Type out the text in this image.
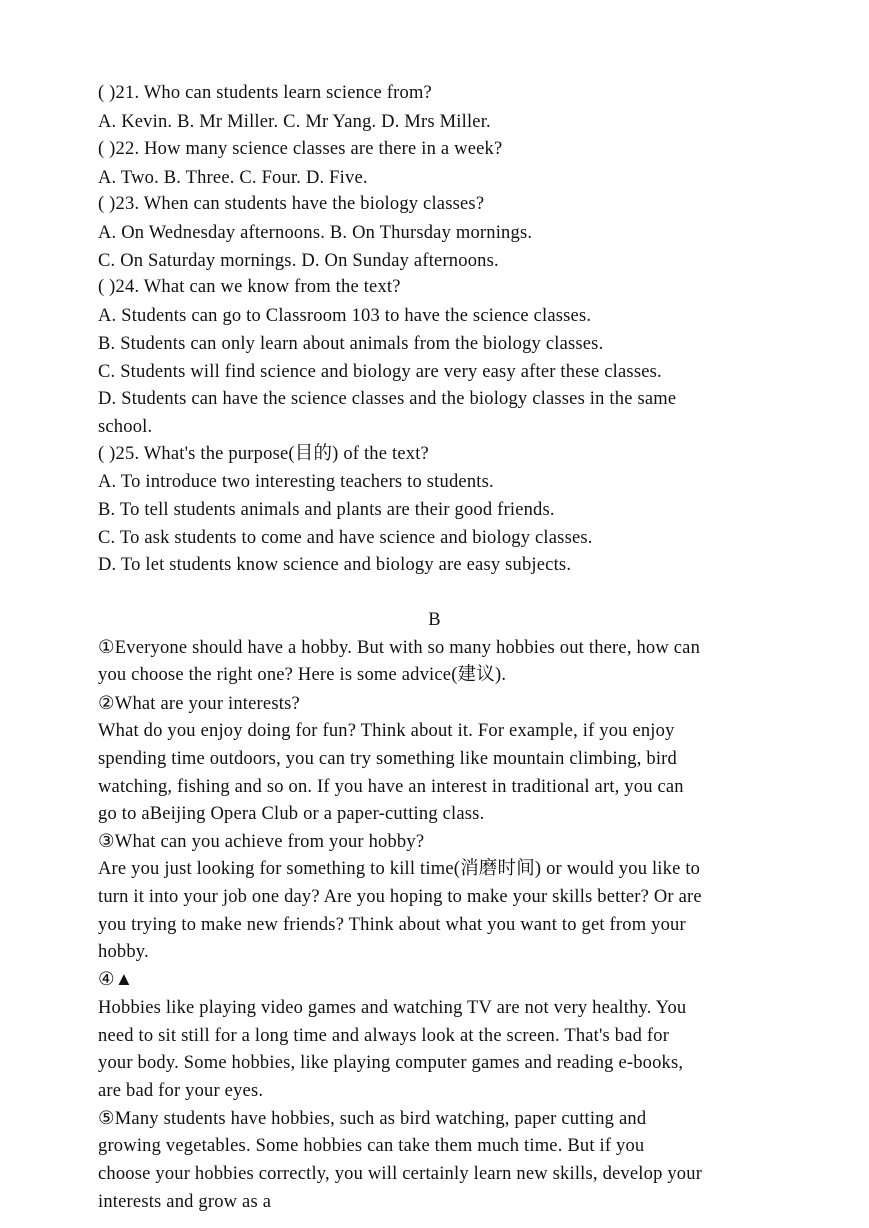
( )21. Who can students learn science from?
A. Kevin. B. Mr Miller. C. Mr Yang. D. Mrs Miller.
( )22. How many science classes are there in a week?
A. Two. B. Three. C. Four. D. Five.
( )23. When can students have the biology classes?
A. On Wednesday afternoons. B. On Thursday mornings.
C. On Saturday mornings. D. On Sunday afternoons.
( )24. What can we know from the text?
A. Students can go to Classroom 103 to have the science classes.
B. Students can only learn about animals from the biology classes.
C. Students will find science and biology are very easy after these classes.
D. Students can have the science classes and the biology classes in the same
school.
( )25. What's the purpose(目的) of the text?
A. To introduce two interesting teachers to students.
B. To tell students animals and plants are their good friends.
C. To ask students to come and have science and biology classes.
D. To let students know science and biology are easy subjects.
B
①Everyone should have a hobby. But with so many hobbies out there, how can
you choose the right one? Here is some advice(建议).
②What are your interests?
What do you enjoy doing for fun? Think about it. For example, if you enjoy
spending time outdoors, you can try something like mountain climbing, bird
watching, fishing and so on. If you have an interest in traditional art, you can
go to aBeijing Opera Club or a paper-cutting class.
③What can you achieve from your hobby?
Are you just looking for something to kill time(消磨时间) or would you like to
turn it into your job one day? Are you hoping to make your skills better? Or are
you trying to make new friends? Think about what you want to get from your
hobby.
④▲
Hobbies like playing video games and watching TV are not very healthy. You
need to sit still for a long time and always look at the screen. That's bad for
your body. Some hobbies, like playing computer games and reading e-books,
are bad for your eyes.
⑤Many students have hobbies, such as bird watching, paper cutting and
growing vegetables. Some hobbies can take them much time. But if you
choose your hobbies correctly, you will certainly learn new skills, develop your
interests and grow as a
